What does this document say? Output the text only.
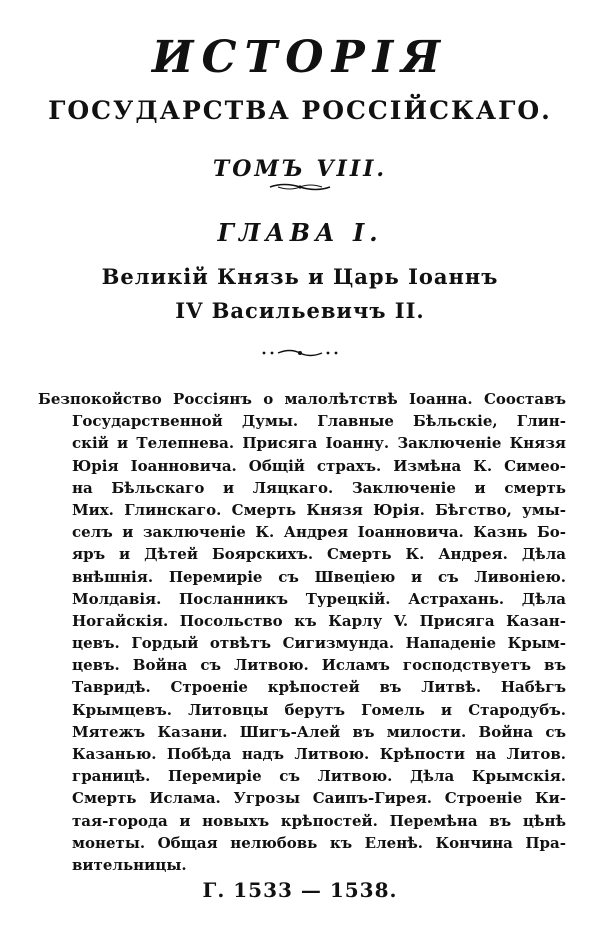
ИСТОРІЯ
ГОСУДАРСТВА РОССІЙСКАГО.
ТОМЪ VIII.
ГЛАВА I.
Великій Князь и Царь Іоаннъ
IV Васильевичъ II.
Безпокойство Россіянъ о малолѣтствѣ Іоанна. Сооставъ
Государственной Думы. Главные Бѣльскіе, Глин-
скій и Телепнева. Присяга Іоанну. Заключеніе Князя
Юрія Іоанновича. Общій страхъ. Измѣна К. Симео-
на Бѣльскаго и Ляцкаго. Заключеніе и смерть
Мих. Глинскаго. Смерть Князя Юрія. Бѣгство, умы-
селъ и заключеніе К. Андрея Іоанновича. Казнь Бо-
яръ и Дѣтей Боярскихъ. Смерть К. Андрея. Дѣла
внѣшнія. Перемиріе съ Швеціею и съ Ливоніею.
Молдавія. Посланникъ Турецкій. Астрахань. Дѣла
Ногайскія. Посольство къ Карлу V. Присяга Казан-
цевъ. Гордый отвѣтъ Сигизмунда. Нападеніе Крым-
цевъ. Война съ Литвою. Исламъ господствуетъ въ
Тавридѣ. Строеніе крѣпостей въ Литвѣ. Набѣгъ
Крымцевъ. Литовцы берутъ Гомель и Стародубъ.
Мятежъ Казани. Шигъ-Алей въ милости. Война съ
Казанью. Побѣда надъ Литвою. Крѣпости на Литов.
границѣ. Перемиріе съ Литвою. Дѣла Крымскія.
Смерть Ислама. Угрозы Саипъ-Гирея. Строеніе Ки-
тая-города и новыхъ крѣпостей. Перемѣна въ цѣнѣ
монеты. Общая нелюбовь къ Еленѣ. Кончина Пра-
вительницы.
Г. 1533 — 1538.
